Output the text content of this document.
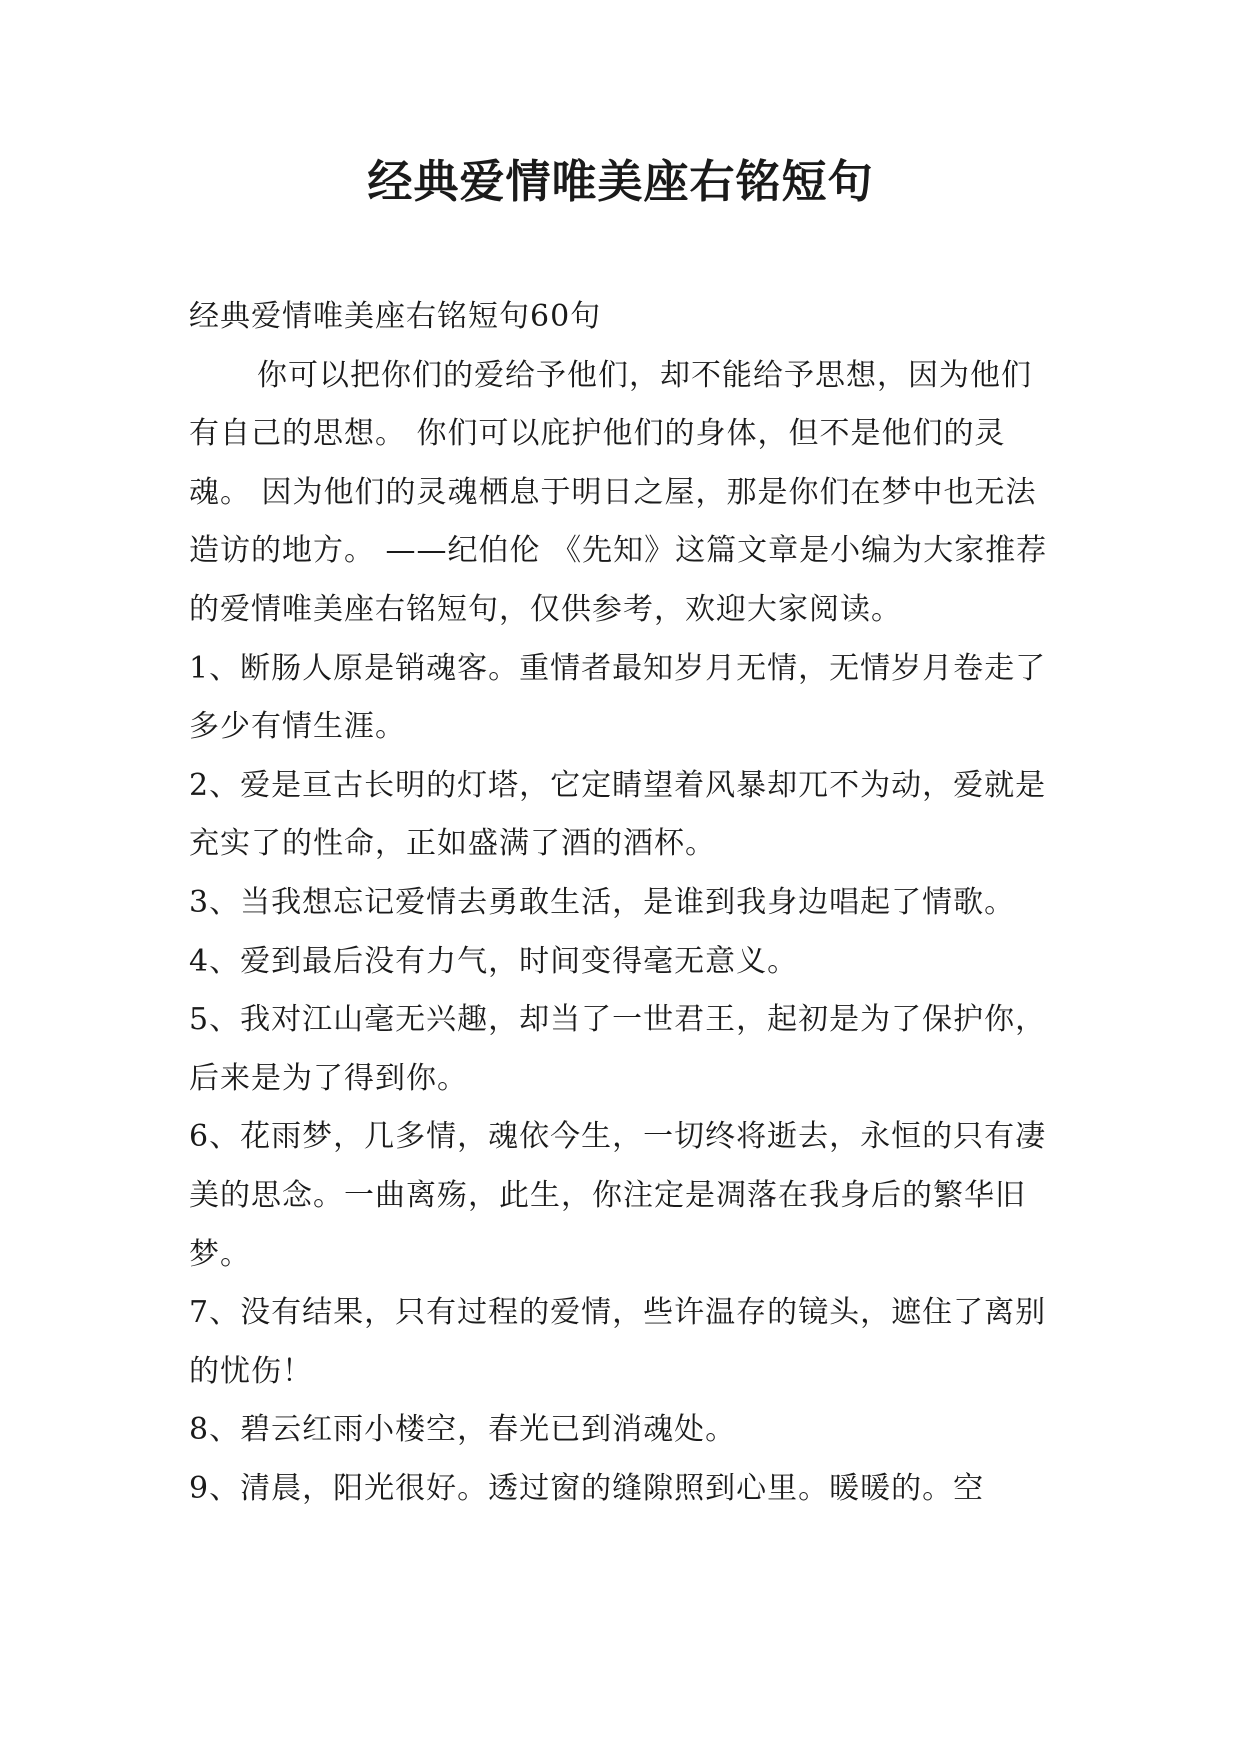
经典爱情唯美座右铭短句

经典爱情唯美座右铭短句60句

你可以把你们的爱给予他们，却不能给予思想，因为他们有自己的思想。 你们可以庇护他们的身体，但不是他们的灵魂。 因为他们的灵魂栖息于明日之屋，那是你们在梦中也无法造访的地方。 ——纪伯伦 《先知》这篇文章是小编为大家推荐的爱情唯美座右铭短句，仅供参考，欢迎大家阅读。

1、断肠人原是销魂客。重情者最知岁月无情，无情岁月卷走了多少有情生涯。

2、爱是亘古长明的灯塔，它定睛望着风暴却兀不为动，爱就是充实了的性命，正如盛满了酒的酒杯。

3、当我想忘记爱情去勇敢生活，是谁到我身边唱起了情歌。

4、爱到最后没有力气，时间变得毫无意义。

5、我对江山毫无兴趣，却当了一世君王，起初是为了保护你，后来是为了得到你。

6、花雨梦，几多情，魂依今生，一切终将逝去，永恒的只有凄美的思念。一曲离殇，此生，你注定是凋落在我身后的繁华旧梦。

7、没有结果，只有过程的爱情，些许温存的镜头，遮住了离别的忧伤！

8、碧云红雨小楼空，春光已到消魂处。

9、清晨，阳光很好。透过窗的缝隙照到心里。暖暖的。空
